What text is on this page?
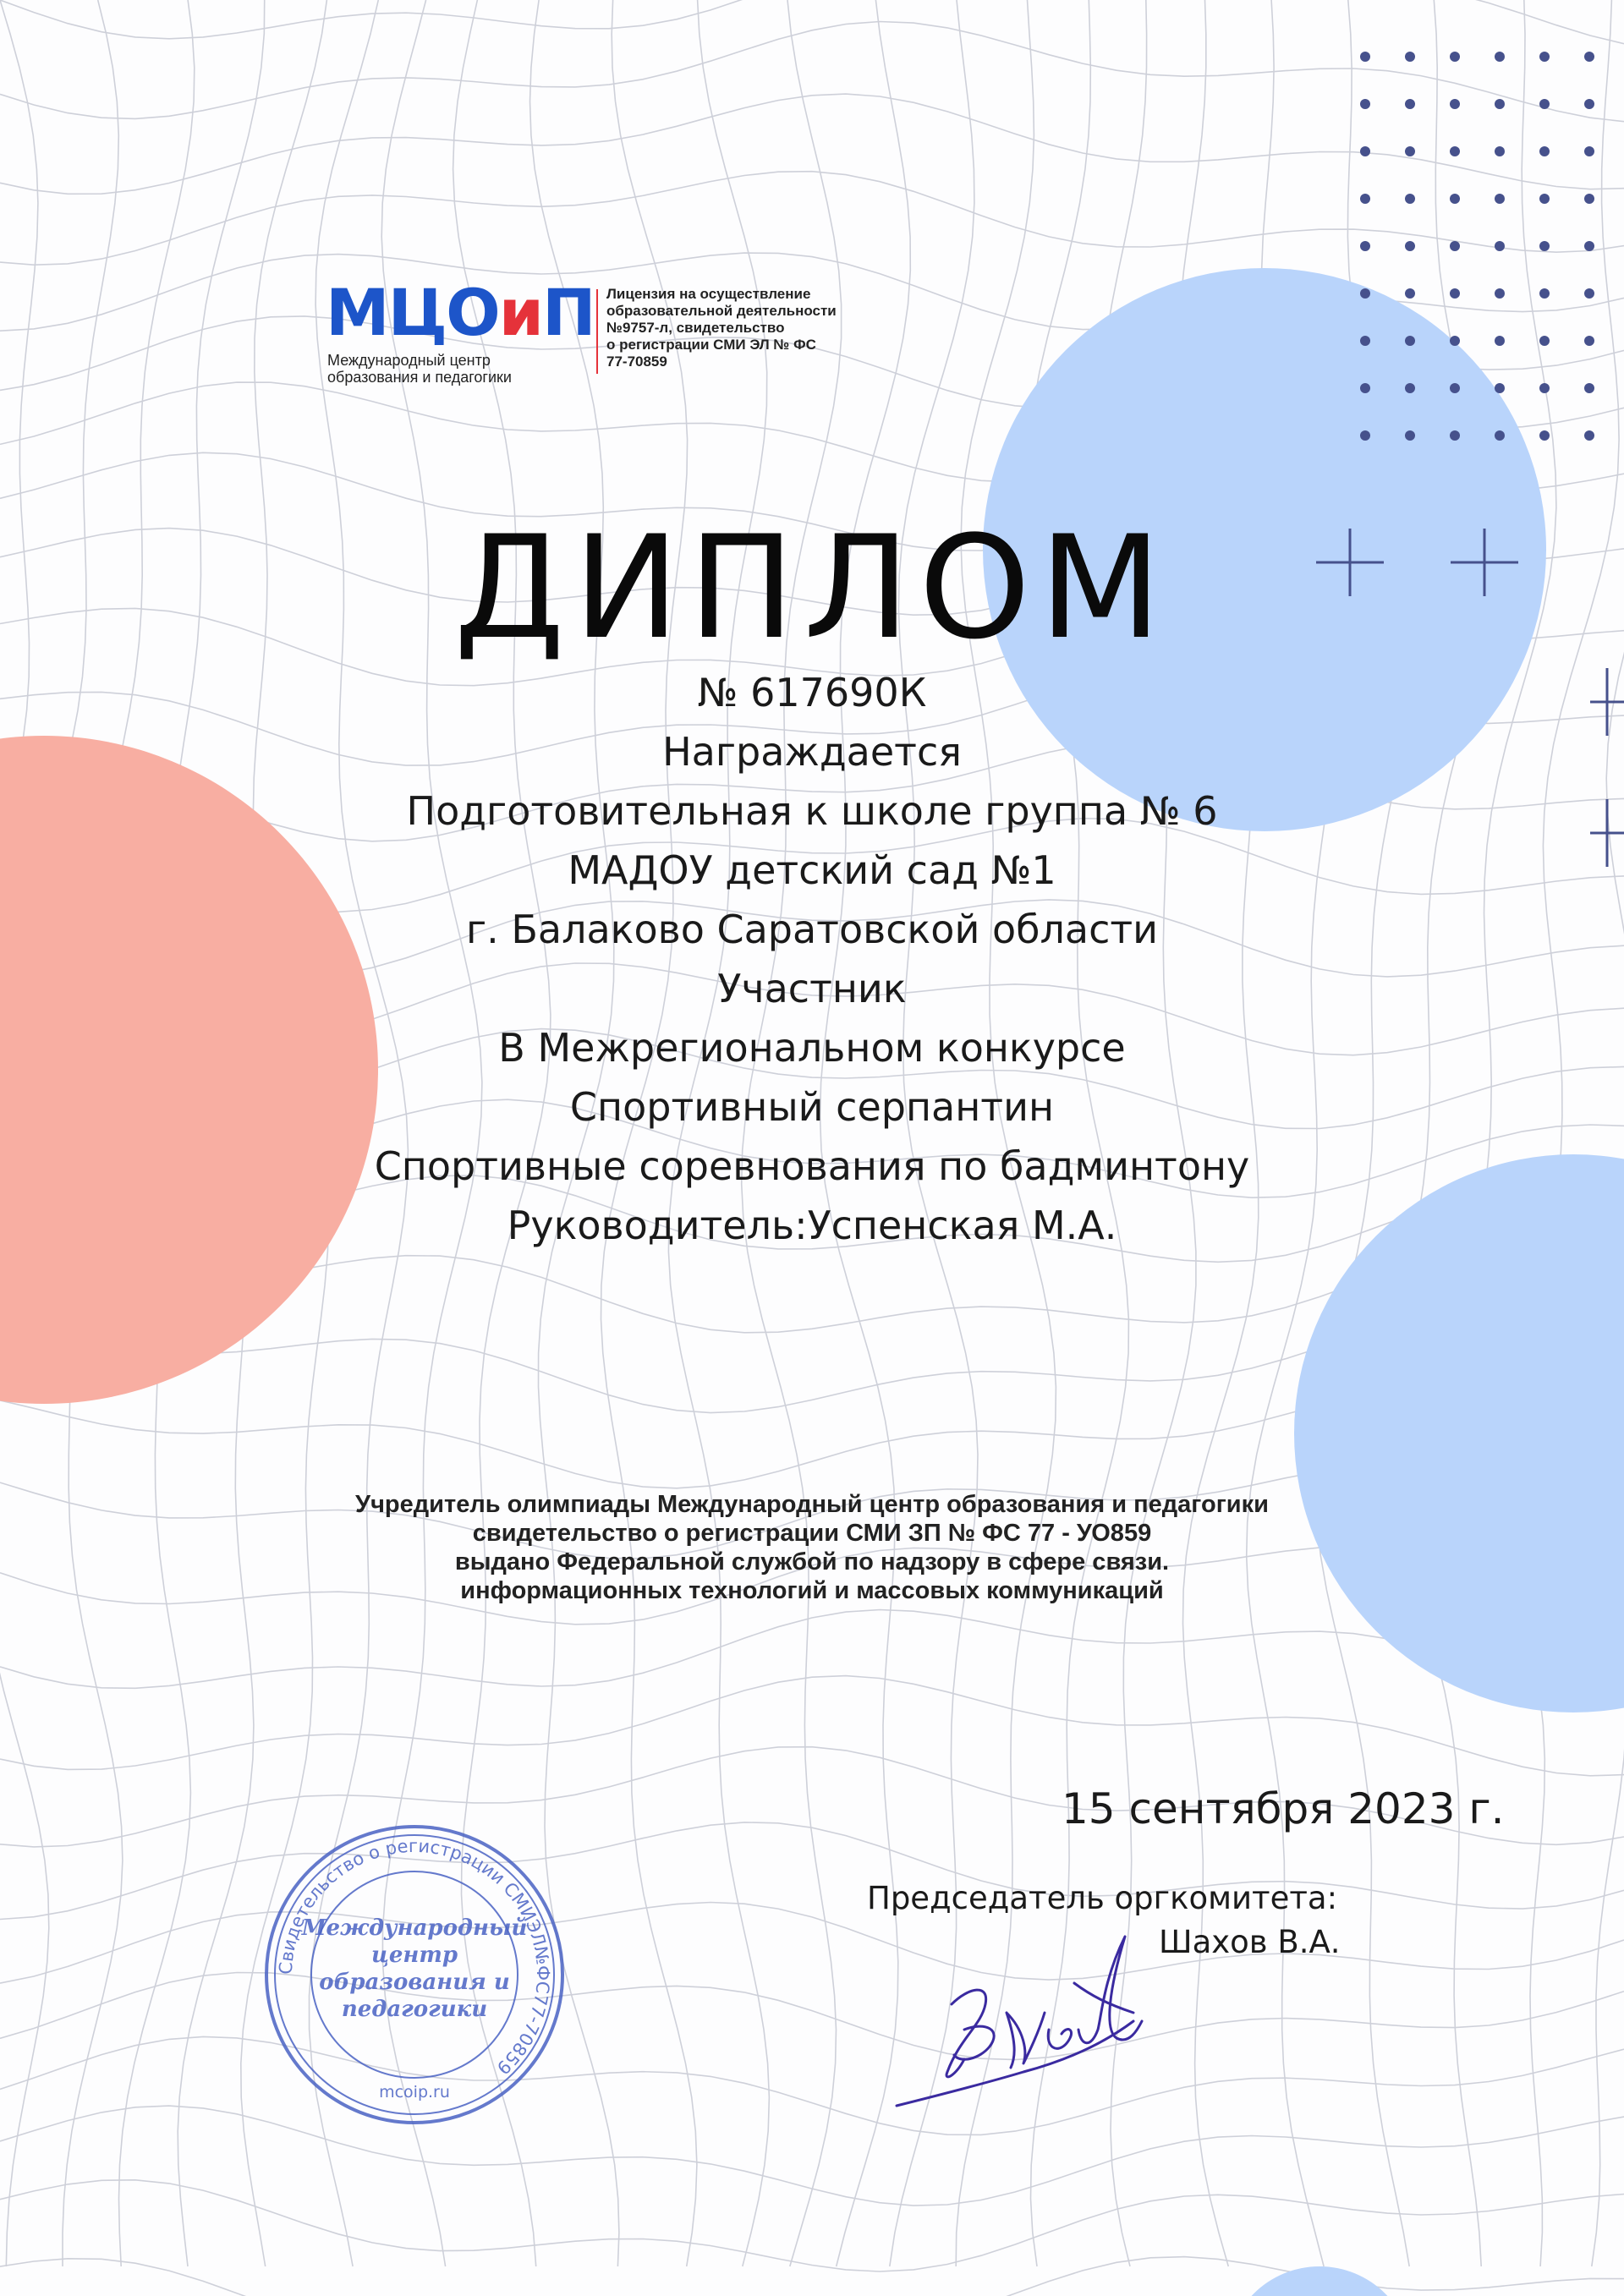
МЦОиП
Международный центр образования и педагогики
Лицензия на осуществление
образовательной деятельности
№9757-л, свидетельство
о регистрации СМИ ЭЛ № ФС
77-70859
ДИПЛОМ
№ 617690К
Награждается
Подготовительная к школе группа № 6
МАДОУ детский сад №1
г. Балаково Саратовской области
Участник
В Межрегиональном конкурсе
Спортивный серпантин
Спортивные соревнования по бадминтону
Руководитель:Успенская М.А.
Учредитель олимпиады Международный центр образования и педагогики
свидетельство о регистрации СМИ ЗП № ФС 77 - УО859
выдано Федеральной службой по надзору в сфере связи.
информационных технологий и массовых коммуникаций
15 сентября 2023 г.
Председатель оргкомитета:
Шахов В.А.
Свидетельство о регистрации СМИЭЛ№ФС77-70859
Международный
центр
образования и
педагогики
mcoip.ru
